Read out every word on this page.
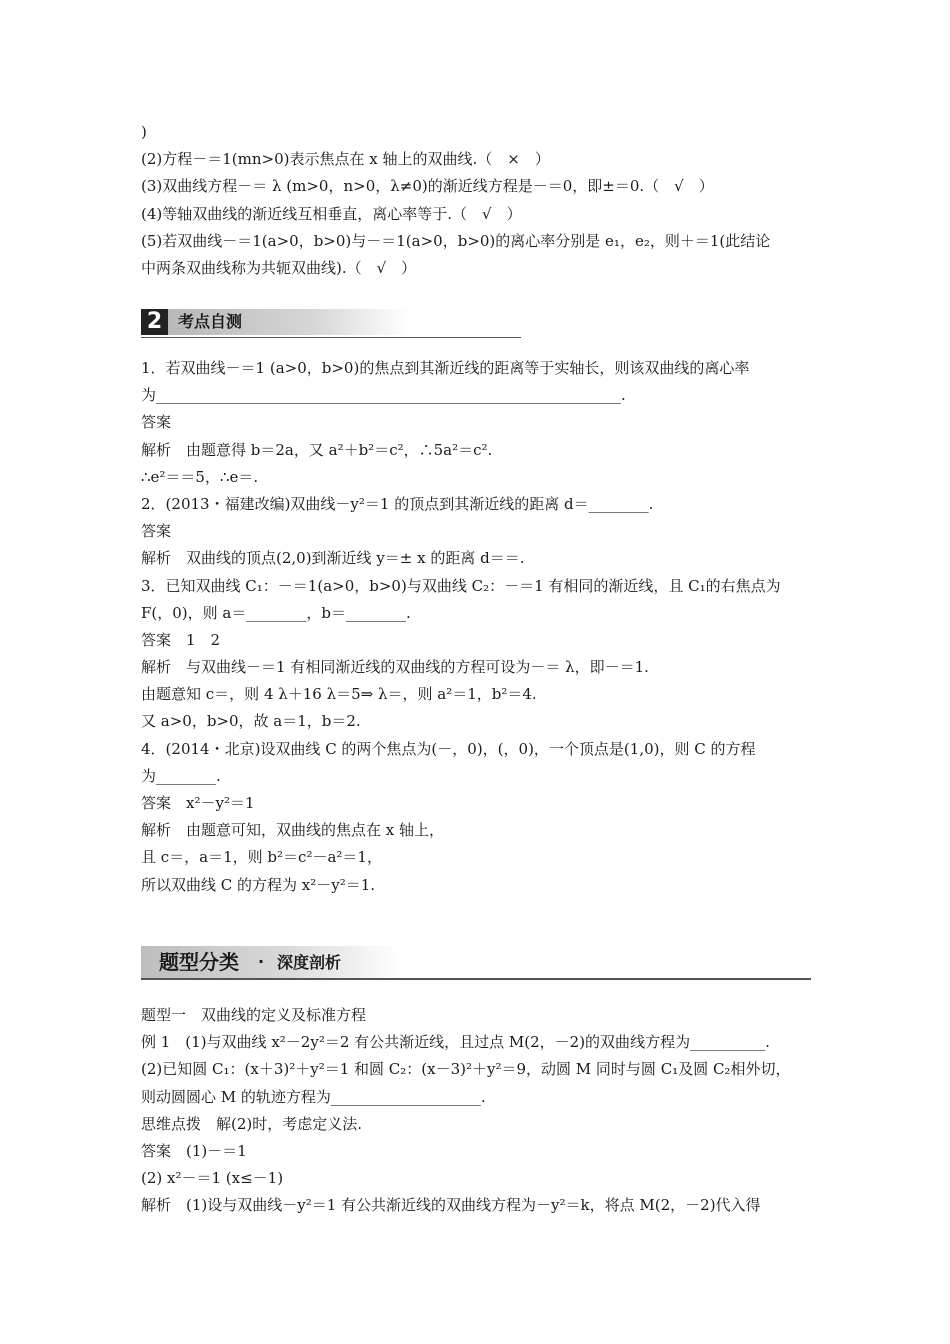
)
(2)方程－＝1(mn>0)表示焦点在 x 轴上的双曲线.（　×　）
(3)双曲线方程－＝ λ (m>0，n>0，λ≠0)的渐近线方程是－＝0，即±＝0.（　√　）
(4)等轴双曲线的渐近线互相垂直，离心率等于.（　√　）
(5)若双曲线－＝1(a>0，b>0)与－＝1(a>0，b>0)的离心率分别是 e₁，e₂，则＋＝1(此结论
中两条双曲线称为共轭双曲线).（　√　）
2 考点自测
1．若双曲线－＝1 (a>0，b>0)的焦点到其渐近线的距离等于实轴长，则该双曲线的离心率
为______________________________________________________________.
答案
解析　由题意得 b＝2a，又 a²＋b²＝c²，∴5a²＝c².
∴e²＝＝5，∴e＝.
2．(2013・福建改编)双曲线－y²＝1 的顶点到其渐近线的距离 d＝________.
答案
解析　双曲线的顶点(2,0)到渐近线 y＝± x 的距离 d＝＝.
3．已知双曲线 C₁：－＝1(a>0，b>0)与双曲线 C₂：－＝1 有相同的渐近线，且 C₁的右焦点为
F(，0)，则 a＝________，b＝________.
答案　1　2
解析　与双曲线－＝1 有相同渐近线的双曲线的方程可设为－＝ λ，即－＝1.
由题意知 c＝，则 4 λ＋16 λ＝5⇒ λ＝，则 a²＝1，b²＝4.
又 a>0，b>0，故 a＝1，b＝2.
4．(2014・北京)设双曲线 C 的两个焦点为(－，0)，(，0)，一个顶点是(1,0)，则 C 的方程
为________.
答案　x²－y²＝1
解析　由题意可知，双曲线的焦点在 x 轴上，
且 c＝，a＝1，则 b²＝c²－a²＝1，
所以双曲线 C 的方程为 x²－y²＝1.
题型分类 · 深度剖析
题型一　双曲线的定义及标准方程
例 1　(1)与双曲线 x²－2y²＝2 有公共渐近线，且过点 M(2，－2)的双曲线方程为__________.
(2)已知圆 C₁：(x＋3)²＋y²＝1 和圆 C₂：(x－3)²＋y²＝9，动圆 M 同时与圆 C₁及圆 C₂相外切，
则动圆圆心 M 的轨迹方程为____________________.
思维点拨　解(2)时，考虑定义法.
答案　(1)－＝1
(2) x²－＝1 (x≤－1)
解析　(1)设与双曲线－y²＝1 有公共渐近线的双曲线方程为－y²＝k，将点 M(2，－2)代入得
